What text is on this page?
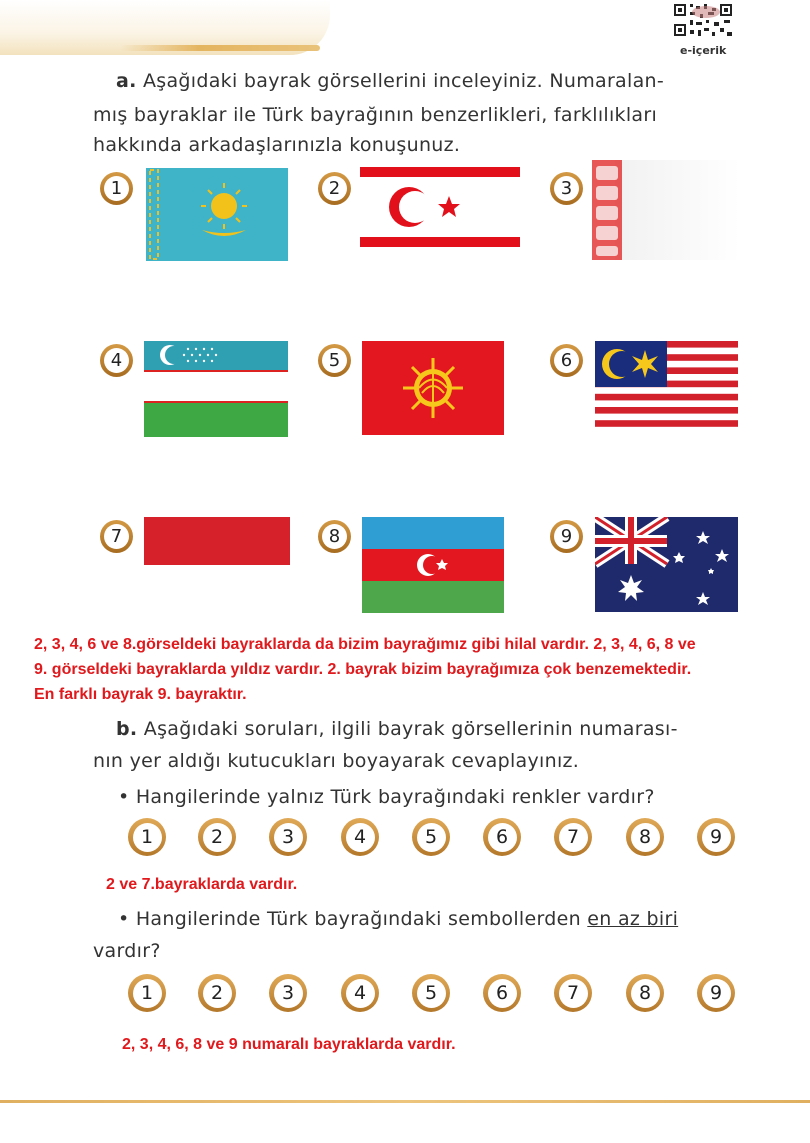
e-içerik
a. Aşağıdaki bayrak görsellerini inceleyiniz. Numaralan-
mış bayraklar ile Türk bayrağının benzerlikleri, farklılıkları
hakkında arkadaşlarınızla konuşunuz.
1	2	3
4	5	6
7	8	9
2, 3, 4, 6 ve 8.görseldeki bayraklarda da bizim bayrağımız gibi hilal vardır. 2, 3, 4, 6, 8 ve
9. görseldeki bayraklarda yıldız vardır. 2. bayrak bizim bayrağımıza çok benzemektedir.
En farklı bayrak 9. bayraktır.
b. Aşağıdaki soruları, ilgili bayrak görsellerinin numarası-
nın yer aldığı kutucukları boyayarak cevaplayınız.
• Hangilerinde yalnız Türk bayrağındaki renkler vardır?
1	2	3	4	5	6	7	8	9
2 ve 7.bayraklarda vardır.
• Hangilerinde Türk bayrağındaki sembollerden en az biri
vardır?
1	2	3	4	5	6	7	8	9
2, 3, 4, 6, 8 ve 9 numaralı bayraklarda vardır.
